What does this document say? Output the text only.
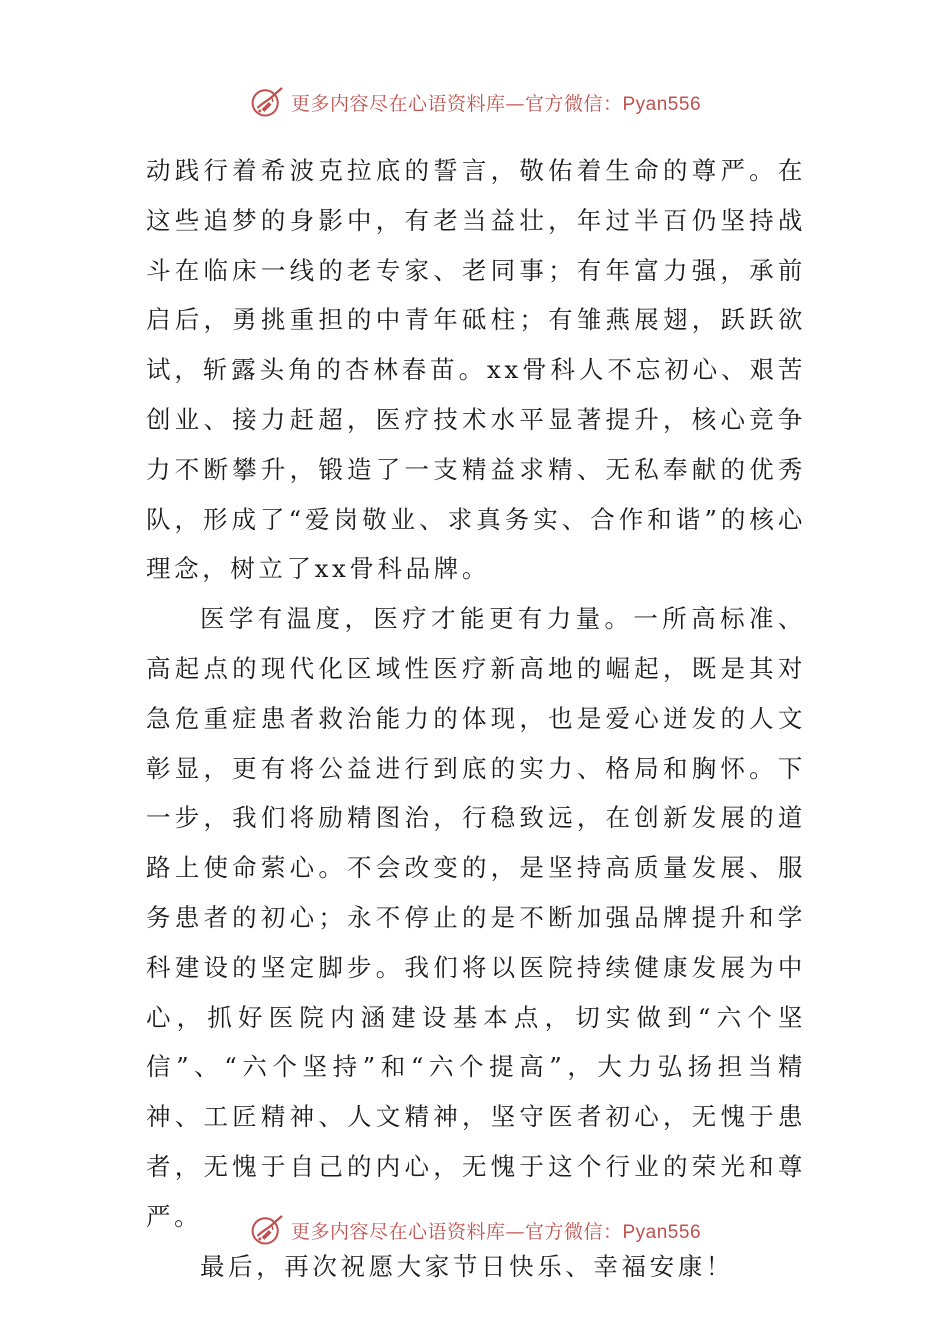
更多内容尽在心语资料库—官方微信：Pyan556

动践行着希波克拉底的誓言，敬佑着生命的尊严。在这些追梦的身影中，有老当益壮，年过半百仍坚持战斗在临床一线的老专家、老同事；有年富力强，承前启后，勇挑重担的中青年砥柱；有雏燕展翅，跃跃欲试，斩露头角的杏林春苗。xx骨科人不忘初心、艰苦创业、接力赶超，医疗技术水平显著提升，核心竞争力不断攀升，锻造了一支精益求精、无私奉献的优秀队，形成了“爱岗敬业、求真务实、合作和谐”的核心理念，树立了xx骨科品牌。

医学有温度，医疗才能更有力量。一所高标准、高起点的现代化区域性医疗新高地的崛起，既是其对急危重症患者救治能力的体现，也是爱心迸发的人文彰显，更有将公益进行到底的实力、格局和胸怀。下一步，我们将励精图治，行稳致远，在创新发展的道路上使命萦心。不会改变的，是坚持高质量发展、服务患者的初心；永不停止的是不断加强品牌提升和学科建设的坚定脚步。我们将以医院持续健康发展为中心，抓好医院内涵建设基本点，切实做到“六个坚信”、“六个坚持”和“六个提高”，大力弘扬担当精神、工匠精神、人文精神，坚守医者初心，无愧于患者，无愧于自己的内心，无愧于这个行业的荣光和尊严。

最后，再次祝愿大家节日快乐、幸福安康！

更多内容尽在心语资料库—官方微信：Pyan556
